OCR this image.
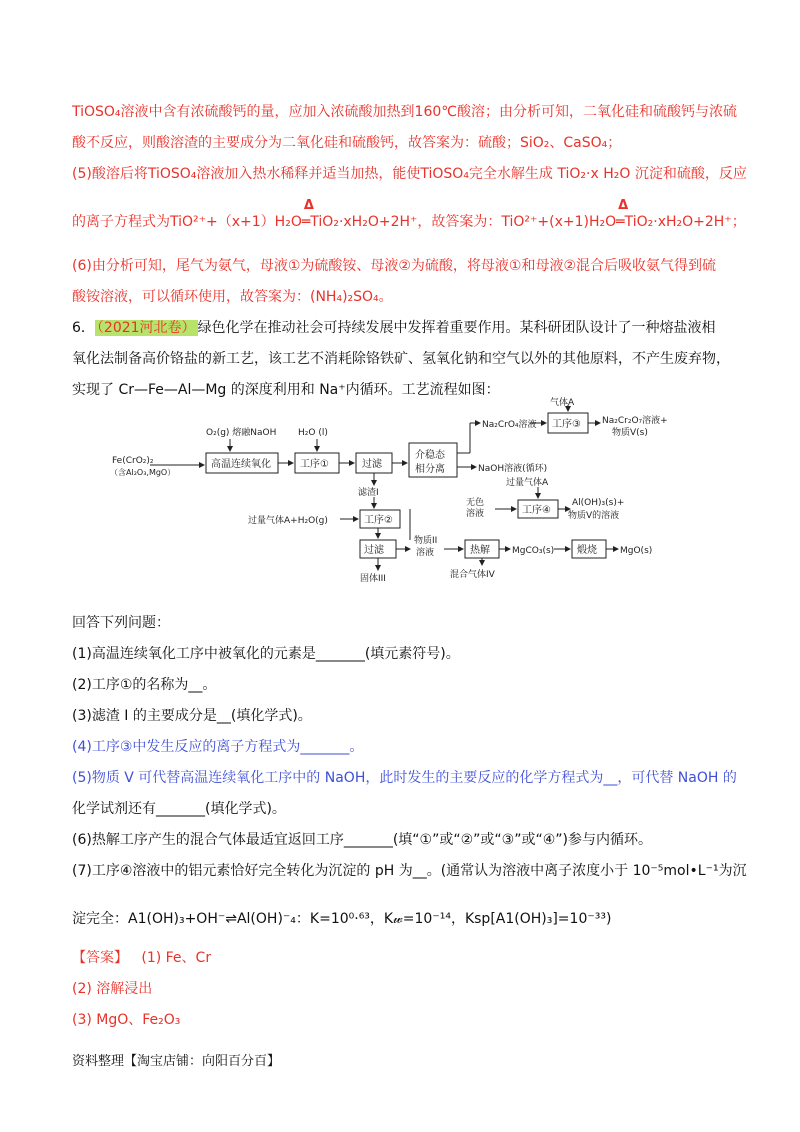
TiOSO₄溶液中含有浓硫酸钙的量，应加入浓硫酸加热到160℃酸溶；由分析可知，二氧化硅和硫酸钙与浓硫
酸不反应，则酸溶渣的主要成分为二氧化硅和硫酸钙，故答案为：硫酸；SiO₂、CaSO₄；
(5)酸溶后将TiOSO₄溶液加入热水稀释并适当加热，能使TiOSO₄完全水解生成 TiO₂·x H₂O 沉淀和硫酸，反应
的离子方程式为TiO²⁺+（x+1）H₂O
Δ
═TiO₂·xH₂O+2H⁺，故答案为：TiO²⁺+(x+1)H₂O
Δ
═TiO₂·xH₂O+2H⁺；
(6)由分析可知，尾气为氨气，母液①为硫酸铵、母液②为硫酸，将母液①和母液②混合后吸收氨气得到硫
酸铵溶液，可以循环使用，故答案为：(NH₄)₂SO₄。
6． （2021河北卷） 绿色化学在推动社会可持续发展中发挥着重要作用。某科研团队设计了一种熔盐液相
氧化法制备高价铬盐的新工艺，该工艺不消耗除铬铁矿、氢氧化钠和空气以外的其他原料，不产生废弃物，
实现了 Cr—Fe—Al—Mg 的深度利用和 Na⁺内循环。工艺流程如图：
O₂(g) 熔融NaOH H₂O (l)
Fe(CrO₂)₂
（含Al₂O₃,MgO）
高温连续氧化	工序①	过滤
介稳态
相分离
Na₂CrO₄溶液
NaOH溶液(循环)
气体A
工序③ Na₂Cr₂O₇溶液+
物质V(s)
滤渣I
过量气体A+H₂O(g)	工序②
过量气体A
无色
溶液	工序④
Al(OH)₃(s)+
物质V的溶液
过滤
固体III
物质II
溶液	热解 MgCO₃(s) 煅烧	MgO(s)
混合气体IV
回答下列问题：
(1)高温连续氧化工序中被氧化的元素是_______(填元素符号)。
(2)工序①的名称为__。
(3)滤渣 I 的主要成分是__(填化学式)。
(4)工序③中发生反应的离子方程式为_______。
(5)物质 V 可代替高温连续氧化工序中的 NaOH，此时发生的主要反应的化学方程式为__，可代替 NaOH 的
化学试剂还有_______(填化学式)。
(6)热解工序产生的混合气体最适宜返回工序_______(填“①”或“②”或“③”或“④”)参与内循环。
(7)工序④溶液中的铝元素恰好完全转化为沉淀的 pH 为__。(通常认为溶液中离子浓度小于 10⁻⁵mol•L⁻¹为沉
淀完全：A1(OH)₃+OH⁻⇌Al(OH)⁻₄：K=10⁰·⁶³，K𝓌=10⁻¹⁴，Ksp[A1(OH)₃]=10⁻³³)
【答案】 (1) Fe、Cr
(2) 溶解浸出
(3) MgO、Fe₂O₃
资料整理【淘宝店铺：向阳百分百】
